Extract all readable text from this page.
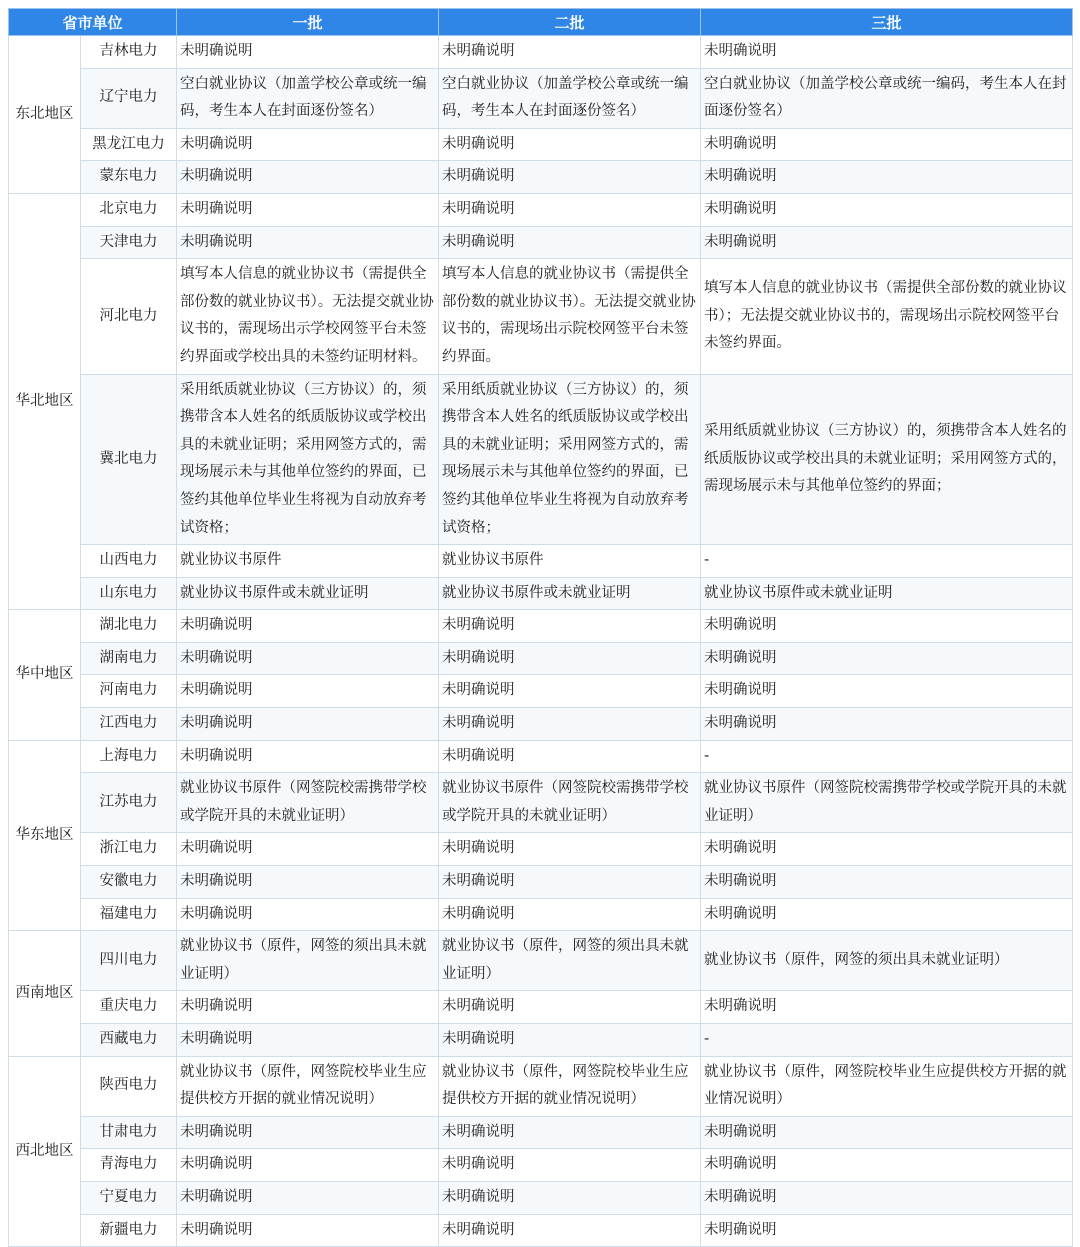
省市单位		一批	二批	三批
东北地区	吉林电力	未明确说明	未明确说明	未明确说明
	辽宁电力	空白就业协议（加盖学校公章或统一编码，考生本人在封面逐份签名）	空白就业协议（加盖学校公章或统一编码，考生本人在封面逐份签名）	空白就业协议（加盖学校公章或统一编码，考生本人在封面逐份签名）
	黑龙江电力	未明确说明	未明确说明	未明确说明
	蒙东电力	未明确说明	未明确说明	未明确说明
华北地区	北京电力	未明确说明	未明确说明	未明确说明
	天津电力	未明确说明	未明确说明	未明确说明
	河北电力	填写本人信息的就业协议书（需提供全部份数的就业协议书）。无法提交就业协议书的，需现场出示学校网签平台未签约界面或学校出具的未签约证明材料。	填写本人信息的就业协议书（需提供全部份数的就业协议书）。无法提交就业协议书的，需现场出示院校网签平台未签约界面。	填写本人信息的就业协议书（需提供全部份数的就业协议书）；无法提交就业协议书的，需现场出示院校网签平台未签约界面。
	冀北电力	采用纸质就业协议（三方协议）的，须携带含本人姓名的纸质版协议或学校出具的未就业证明；采用网签方式的，需现场展示未与其他单位签约的界面，已签约其他单位毕业生将视为自动放弃考试资格；	采用纸质就业协议（三方协议）的，须携带含本人姓名的纸质版协议或学校出具的未就业证明；采用网签方式的，需现场展示未与其他单位签约的界面，已签约其他单位毕业生将视为自动放弃考试资格；	采用纸质就业协议（三方协议）的，须携带含本人姓名的纸质版协议或学校出具的未就业证明；采用网签方式的，需现场展示未与其他单位签约的界面；
	山西电力	就业协议书原件	就业协议书原件	-
	山东电力	就业协议书原件或未就业证明	就业协议书原件或未就业证明	就业协议书原件或未就业证明
华中地区	湖北电力	未明确说明	未明确说明	未明确说明
	湖南电力	未明确说明	未明确说明	未明确说明
	河南电力	未明确说明	未明确说明	未明确说明
	江西电力	未明确说明	未明确说明	未明确说明
华东地区	上海电力	未明确说明	未明确说明	-
	江苏电力	就业协议书原件（网签院校需携带学校或学院开具的未就业证明）	就业协议书原件（网签院校需携带学校或学院开具的未就业证明）	就业协议书原件（网签院校需携带学校或学院开具的未就业证明）
	浙江电力	未明确说明	未明确说明	未明确说明
	安徽电力	未明确说明	未明确说明	未明确说明
	福建电力	未明确说明	未明确说明	未明确说明
西南地区	四川电力	就业协议书（原件，网签的须出具未就业证明）	就业协议书（原件，网签的须出具未就业证明）	就业协议书（原件，网签的须出具未就业证明）
	重庆电力	未明确说明	未明确说明	未明确说明
	西藏电力	未明确说明	未明确说明	-
西北地区	陕西电力	就业协议书（原件，网签院校毕业生应提供校方开据的就业情况说明）	就业协议书（原件，网签院校毕业生应提供校方开据的就业情况说明）	就业协议书（原件，网签院校毕业生应提供校方开据的就业情况说明）
	甘肃电力	未明确说明	未明确说明	未明确说明
	青海电力	未明确说明	未明确说明	未明确说明
	宁夏电力	未明确说明	未明确说明	未明确说明
	新疆电力	未明确说明	未明确说明	未明确说明
